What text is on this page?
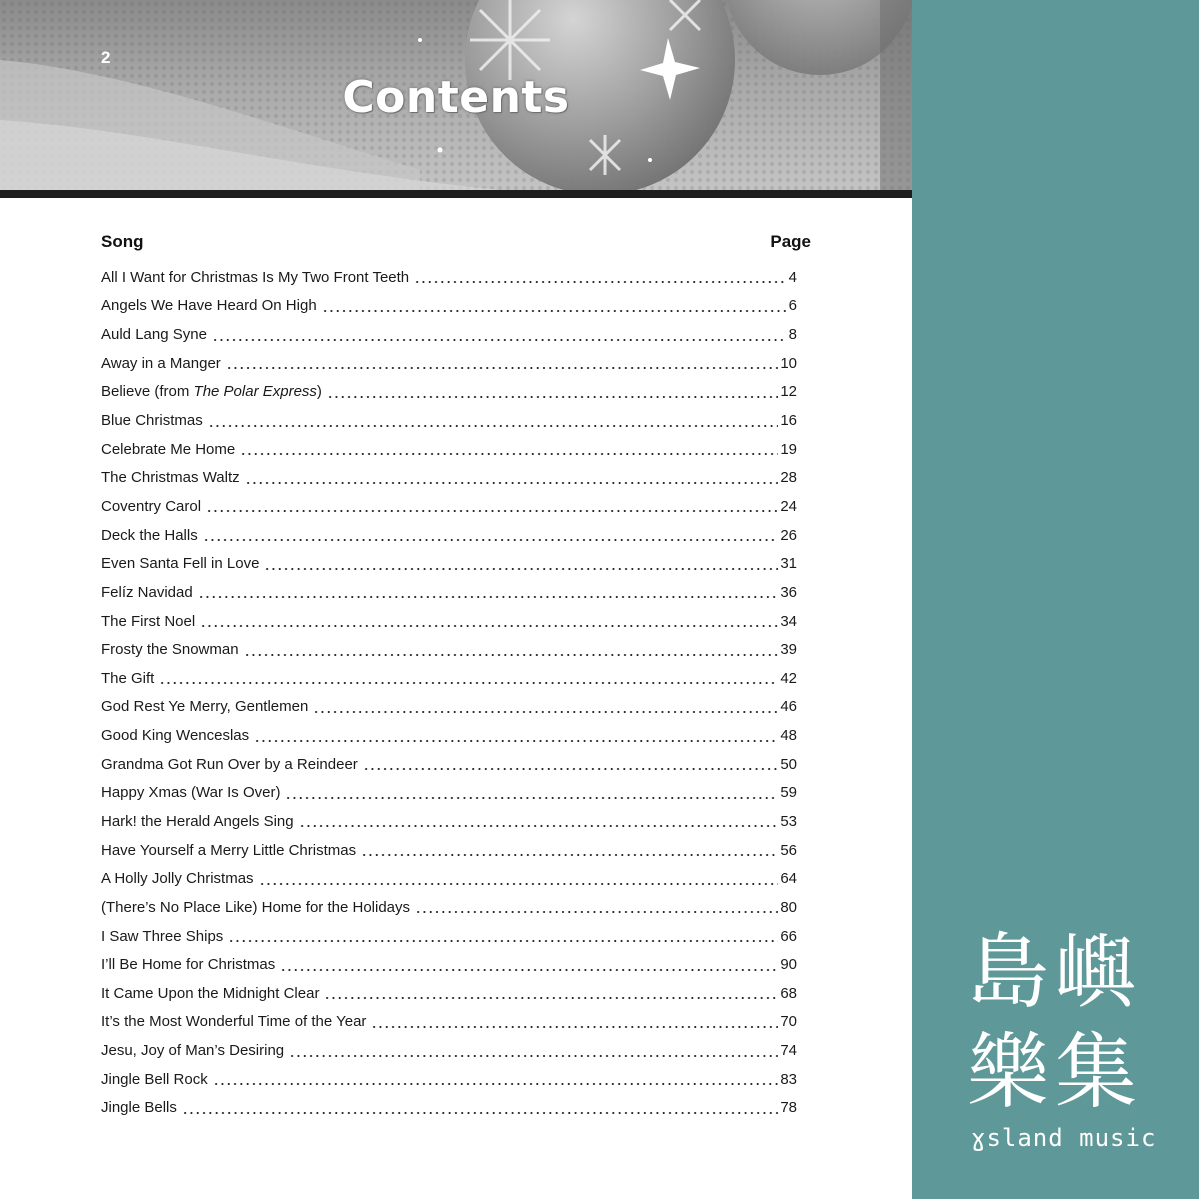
2
Contents
Song	Page
All I Want for Christmas Is My Two Front Teeth	4
Angels We Have Heard On High	6
Auld Lang Syne	8
Away in a Manger	10
Believe (from The Polar Express)	12
Blue Christmas	16
Celebrate Me Home	19
The Christmas Waltz	28
Coventry Carol	24
Deck the Halls	26
Even Santa Fell in Love	31
Felíz Navidad	36
The First Noel	34
Frosty the Snowman	39
The Gift	42
God Rest Ye Merry, Gentlemen	46
Good King Wenceslas	48
Grandma Got Run Over by a Reindeer	50
Happy Xmas (War Is Over)	59
Hark! the Herald Angels Sing	53
Have Yourself a Merry Little Christmas	56
A Holly Jolly Christmas	64
(There’s No Place Like) Home for the Holidays	80
I Saw Three Ships	66
I’ll Be Home for Christmas	90
It Came Upon the Midnight Clear	68
It’s the Most Wonderful Time of the Year	70
Jesu, Joy of Man’s Desiring	74
Jingle Bell Rock	83
Jingle Bells	78
島嶼
樂集
ɣsland music
